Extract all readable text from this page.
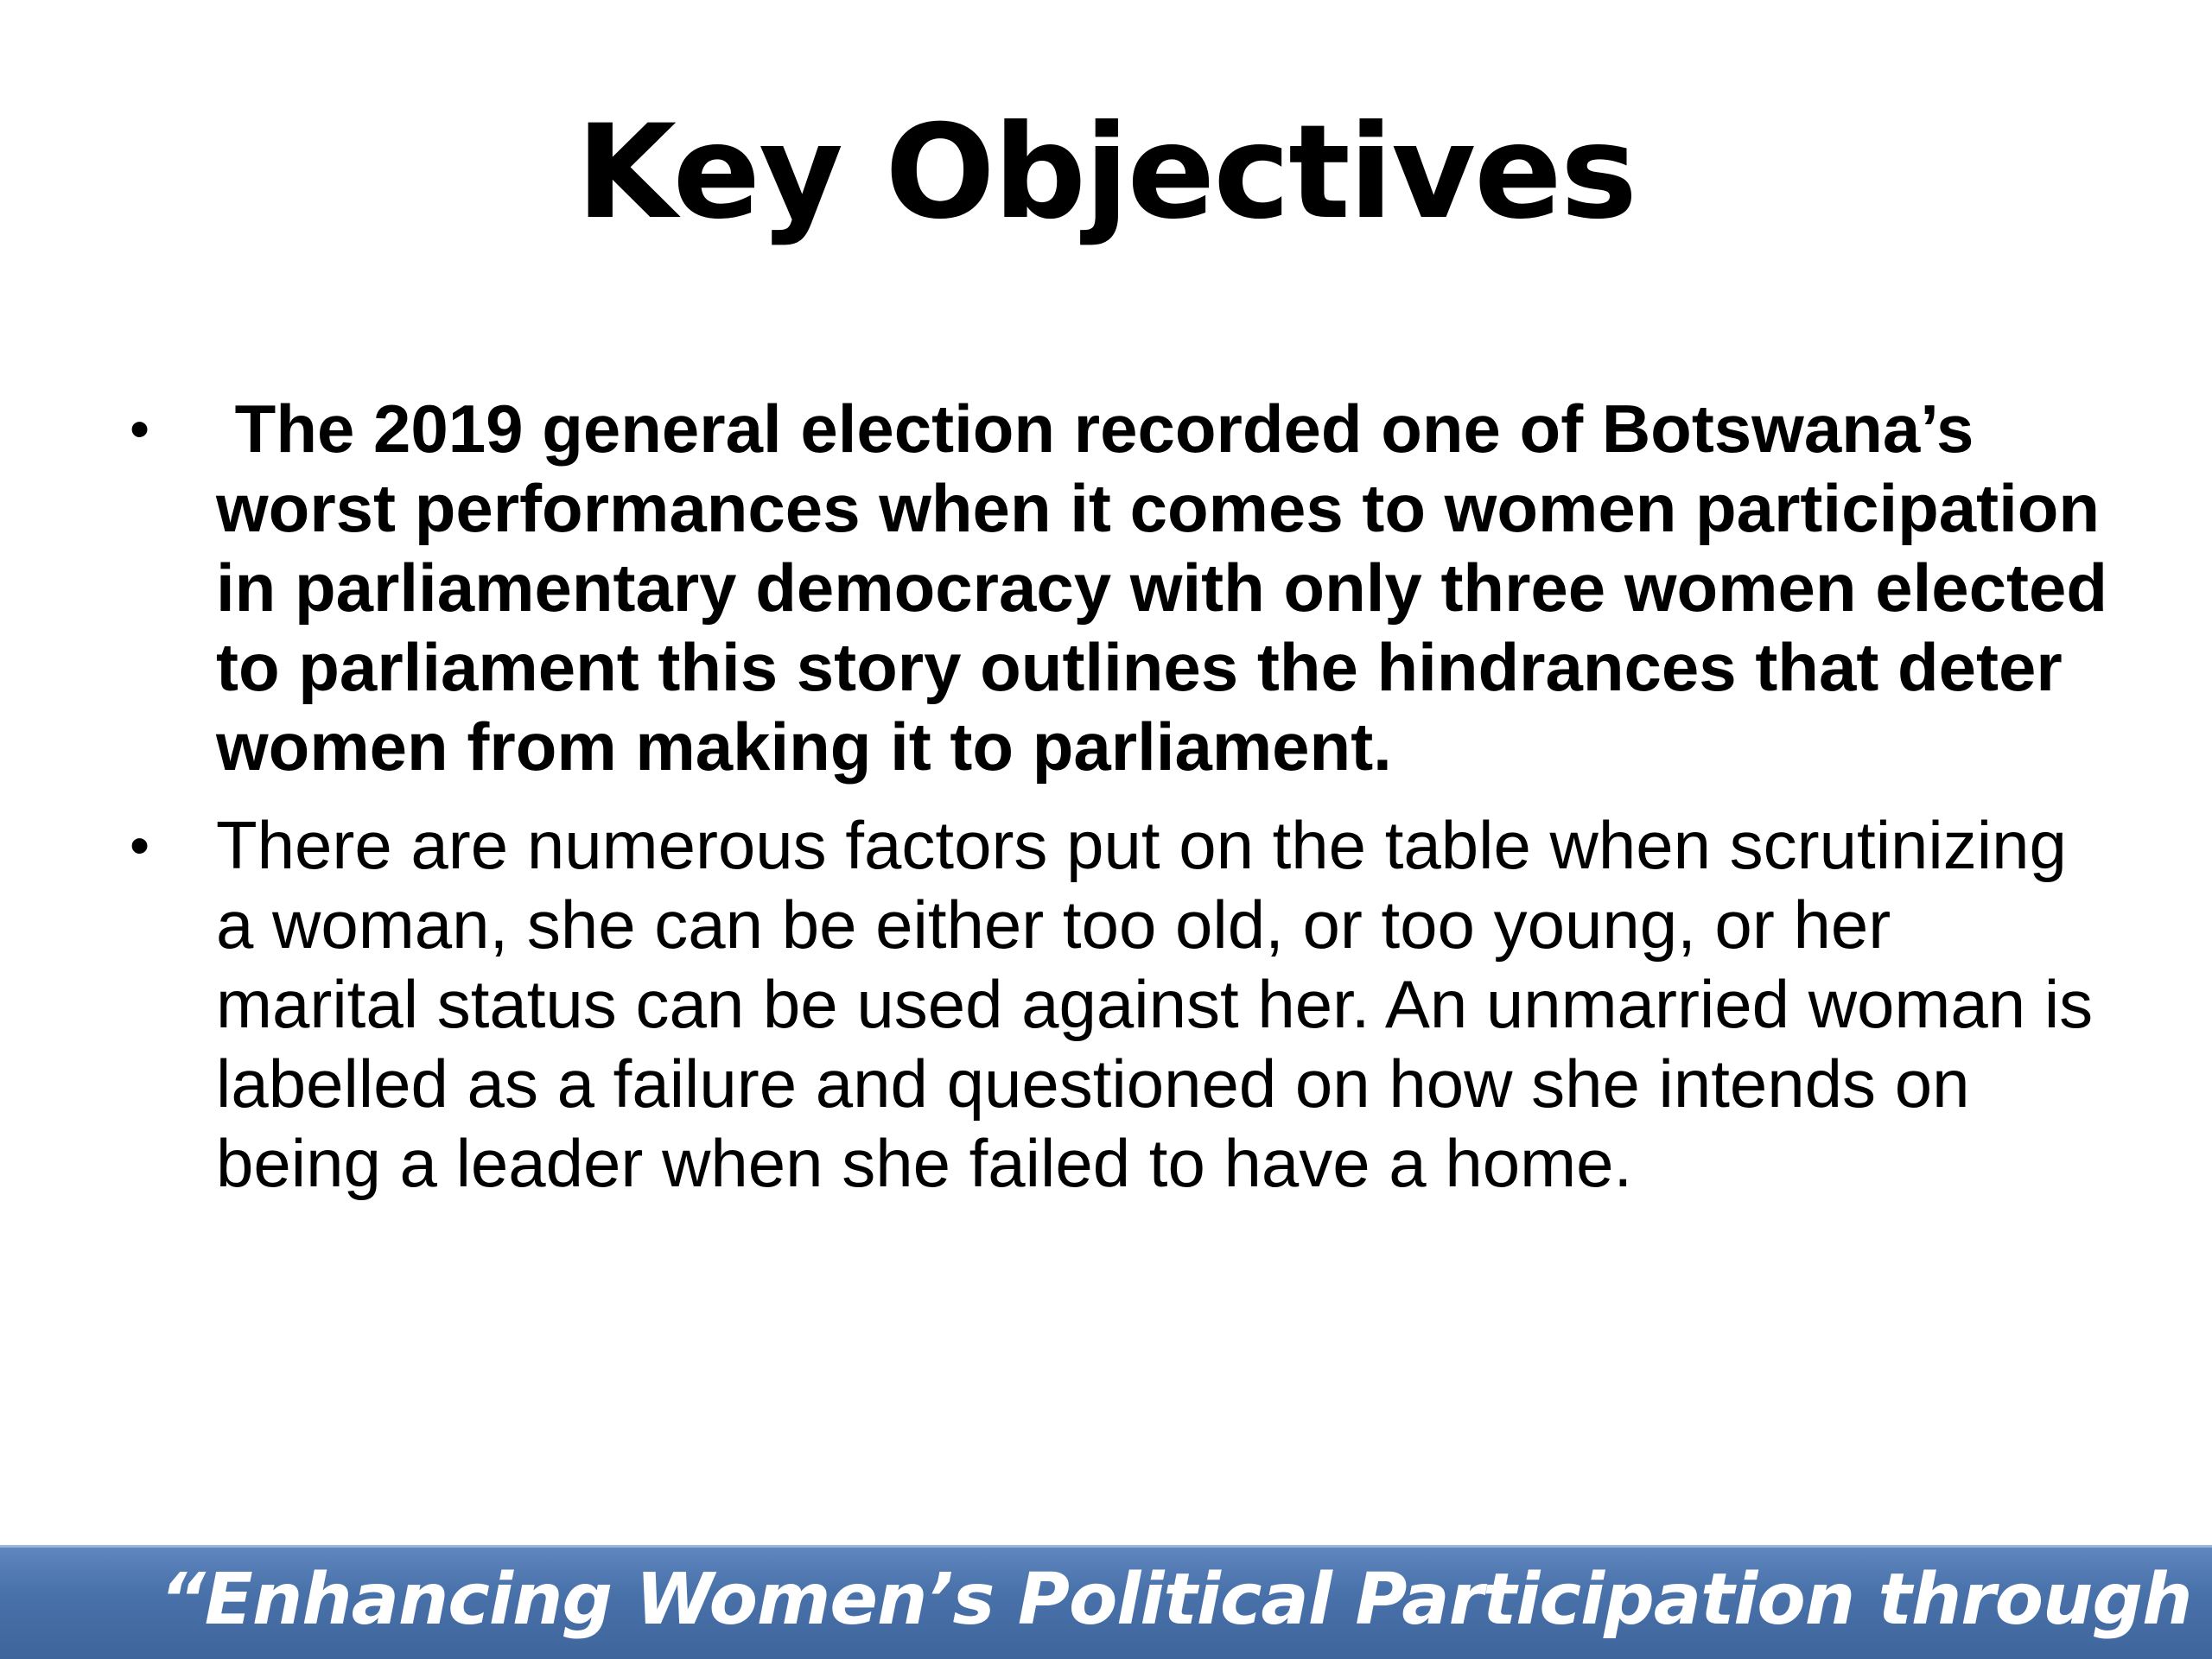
Key Objectives
• The 2019 general election recorded one of Botswana’s worst performances when it comes to women participation in parliamentary democracy with only three women elected to parliament this story outlines the hindrances that deter women from making it to parliament.
• There are numerous factors put on the table when scrutinizing a woman, she can be either too old, or too young, or her marital status can be used against her. An unmarried woman is labelled as a failure and questioned on how she intends on being a leader when she failed to have a home.
“Enhancing Women’s Political Participation through
